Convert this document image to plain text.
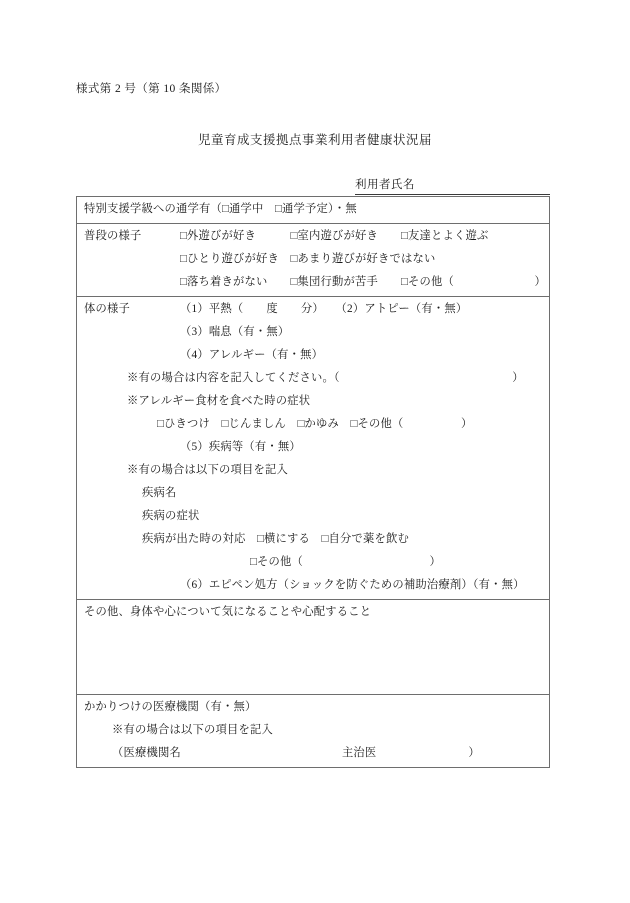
様式第 2 号（第 10 条関係）
児童育成支援拠点事業利用者健康状況届
利用者氏名
特別支援学級への通学 有（□通学中　□通学予定）・無
普段の様子	□外遊びが好き　　　□室内遊びが好き　　□友達とよく遊ぶ
□ひとり遊びが好き　□あまり遊びが好きではない
□落ち着きがない　　□集団行動が苦手　　□その他（　　　　　　　）
体の様子	（1）平熱（　　度　　分）　　（2）アトピー（有・無）
（3）喘息（有・無）
（4）アレルギー（有・無）
※有の場合は内容を記入してください。（　　　　　　　　　　　　　　　）
※アレルギー食材を食べた時の症状
□ひきつけ　□じんましん　□かゆみ　□その他（　　　　　）
（5）疾病等（有・無）
※有の場合は以下の項目を記入
疾病名
疾病の症状
疾病が出た時の対応　□横にする　□自分で薬を飲む
□その他（　　　　　　　　　　　）
（6）エピペン処方（ショックを防ぐための補助治療剤）（有・無）
その他、身体や心について気になることや心配すること
かかりつけの医療機関（有・無）
※有の場合は以下の項目を記入
（医療機関名　　　　　　　　　　　　　　主治医　　　　　　　　）
